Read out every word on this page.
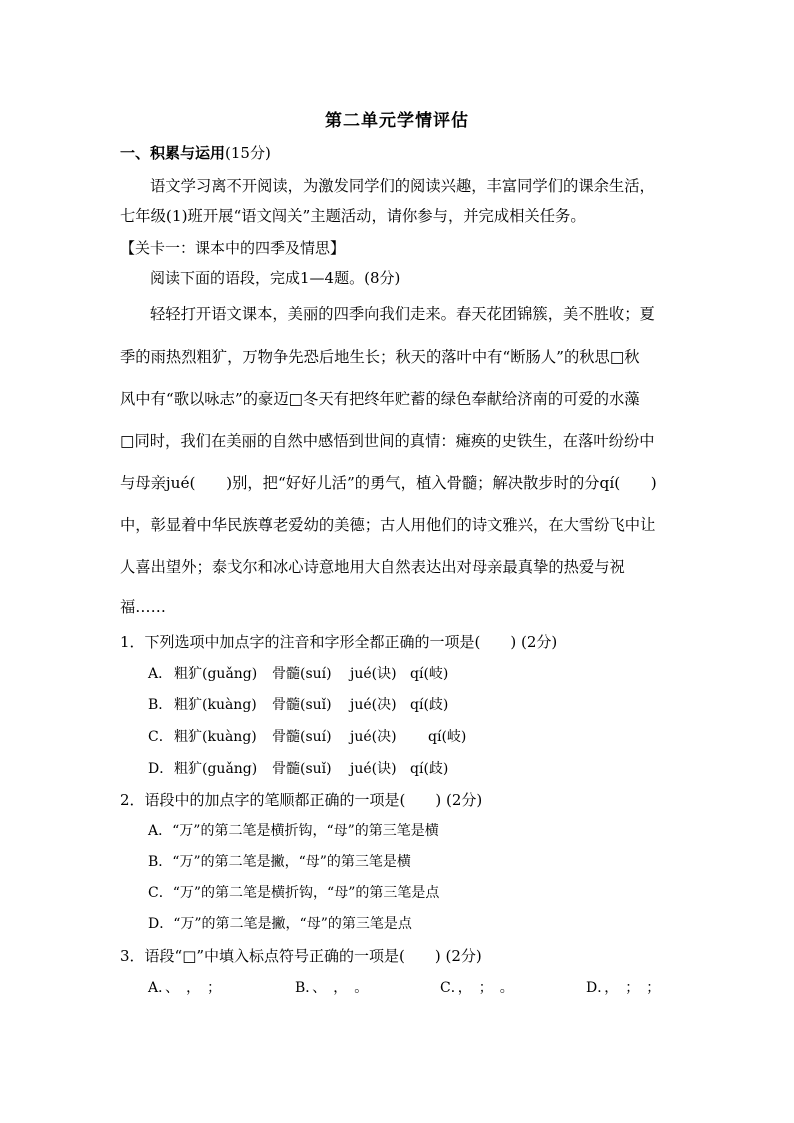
第二单元学情评估
一、积累与运用(15分)
语文学习离不开阅读，为激发同学们的阅读兴趣，丰富同学们的课余生活，
七年级(1)班开展“语文闯关”主题活动，请你参与，并完成相关任务。
【关卡一：课本中的四季及情思】
阅读下面的语段，完成1—4题。(8分)
轻轻打开语文课本，美丽的四季向我们走来。春天花团锦簇，美不胜收；夏
季的雨热烈粗犷，万物争先恐后地生长；秋天的落叶中有“断肠人”的秋思□秋
风中有“歌以咏志”的豪迈□冬天有把终年贮蓄的绿色奉献给济南的可爱的水藻
□同时，我们在美丽的自然中感悟到世间的真情：瘫痪的史铁生，在落叶纷纷中
与母亲jué(　　)别，把“好好儿活”的勇气，植入骨髓；解决散步时的分qí(　　)
中，彰显着中华民族尊老爱幼的美德；古人用他们的诗文雅兴，在大雪纷飞中让
人喜出望外；泰戈尔和冰心诗意地用大自然表达出对母亲最真挚的热爱与祝
福……
1．下列选项中加点字的注音和字形全都正确的一项是(　　) (2分)
A． 粗犷(guǎng) 骨髓(suí) jué(诀) qí(岐)
B． 粗犷(kuàng) 骨髓(suǐ) jué(决) qí(歧)
C． 粗犷(kuàng) 骨髓(suí) jué(决) qí(岐)
D． 粗犷(guǎng) 骨髓(suǐ) jué(诀) qí(歧)
2．语段中的加点字的笔顺都正确的一项是(　　) (2分)
A．“万”的第二笔是横折钩，“母”的第三笔是横
B．“万”的第二笔是撇，“母”的第三笔是横
C．“万”的第二笔是横折钩，“母”的第三笔是点
D．“万”的第二笔是撇，“母”的第三笔是点
3．语段“□”中填入标点符号正确的一项是(　　) (2分)
A．、　，　；	B．、　，　。	C．，　；　。	D．，　；　；
